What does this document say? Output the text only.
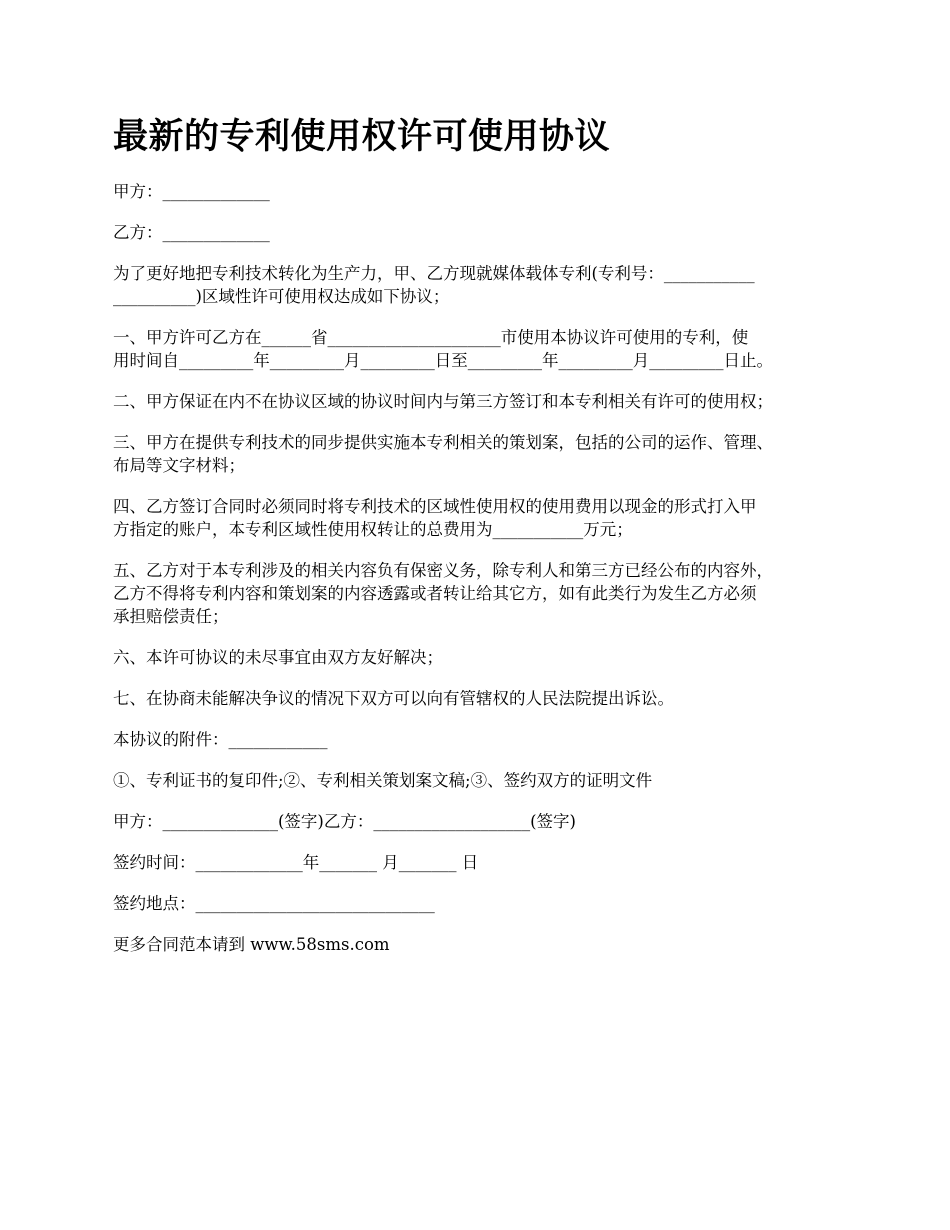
最新的专利使用权许可使用协议

甲方：_____________

乙方：_____________

为了更好地把专利技术转化为生产力，甲、乙方现就媒体载体专利(专利号：___________
__________)区域性许可使用权达成如下协议；

一、甲方许可乙方在______省_____________________市使用本协议许可使用的专利，使
用时间自_________年_________月_________日至_________年_________月_________日止。

二、甲方保证在内不在协议区域的协议时间内与第三方签订和本专利相关有许可的使用权；

三、甲方在提供专利技术的同步提供实施本专利相关的策划案，包括的公司的运作、管理、
布局等文字材料；

四、乙方签订合同时必须同时将专利技术的区域性使用权的使用费用以现金的形式打入甲
方指定的账户，本专利区域性使用权转让的总费用为___________万元；

五、乙方对于本专利涉及的相关内容负有保密义务，除专利人和第三方已经公布的内容外，
乙方不得将专利内容和策划案的内容透露或者转让给其它方，如有此类行为发生乙方必须
承担赔偿责任；

六、本许可协议的未尽事宜由双方友好解决；

七、在协商未能解决争议的情况下双方可以向有管辖权的人民法院提出诉讼。

本协议的附件：____________

①、专利证书的复印件;②、专利相关策划案文稿;③、签约双方的证明文件

甲方：______________(签字)乙方：___________________(签字)

签约时间：_____________年_______ 月_______ 日

签约地点：_____________________________

更多合同范本请到 www.58sms.com
